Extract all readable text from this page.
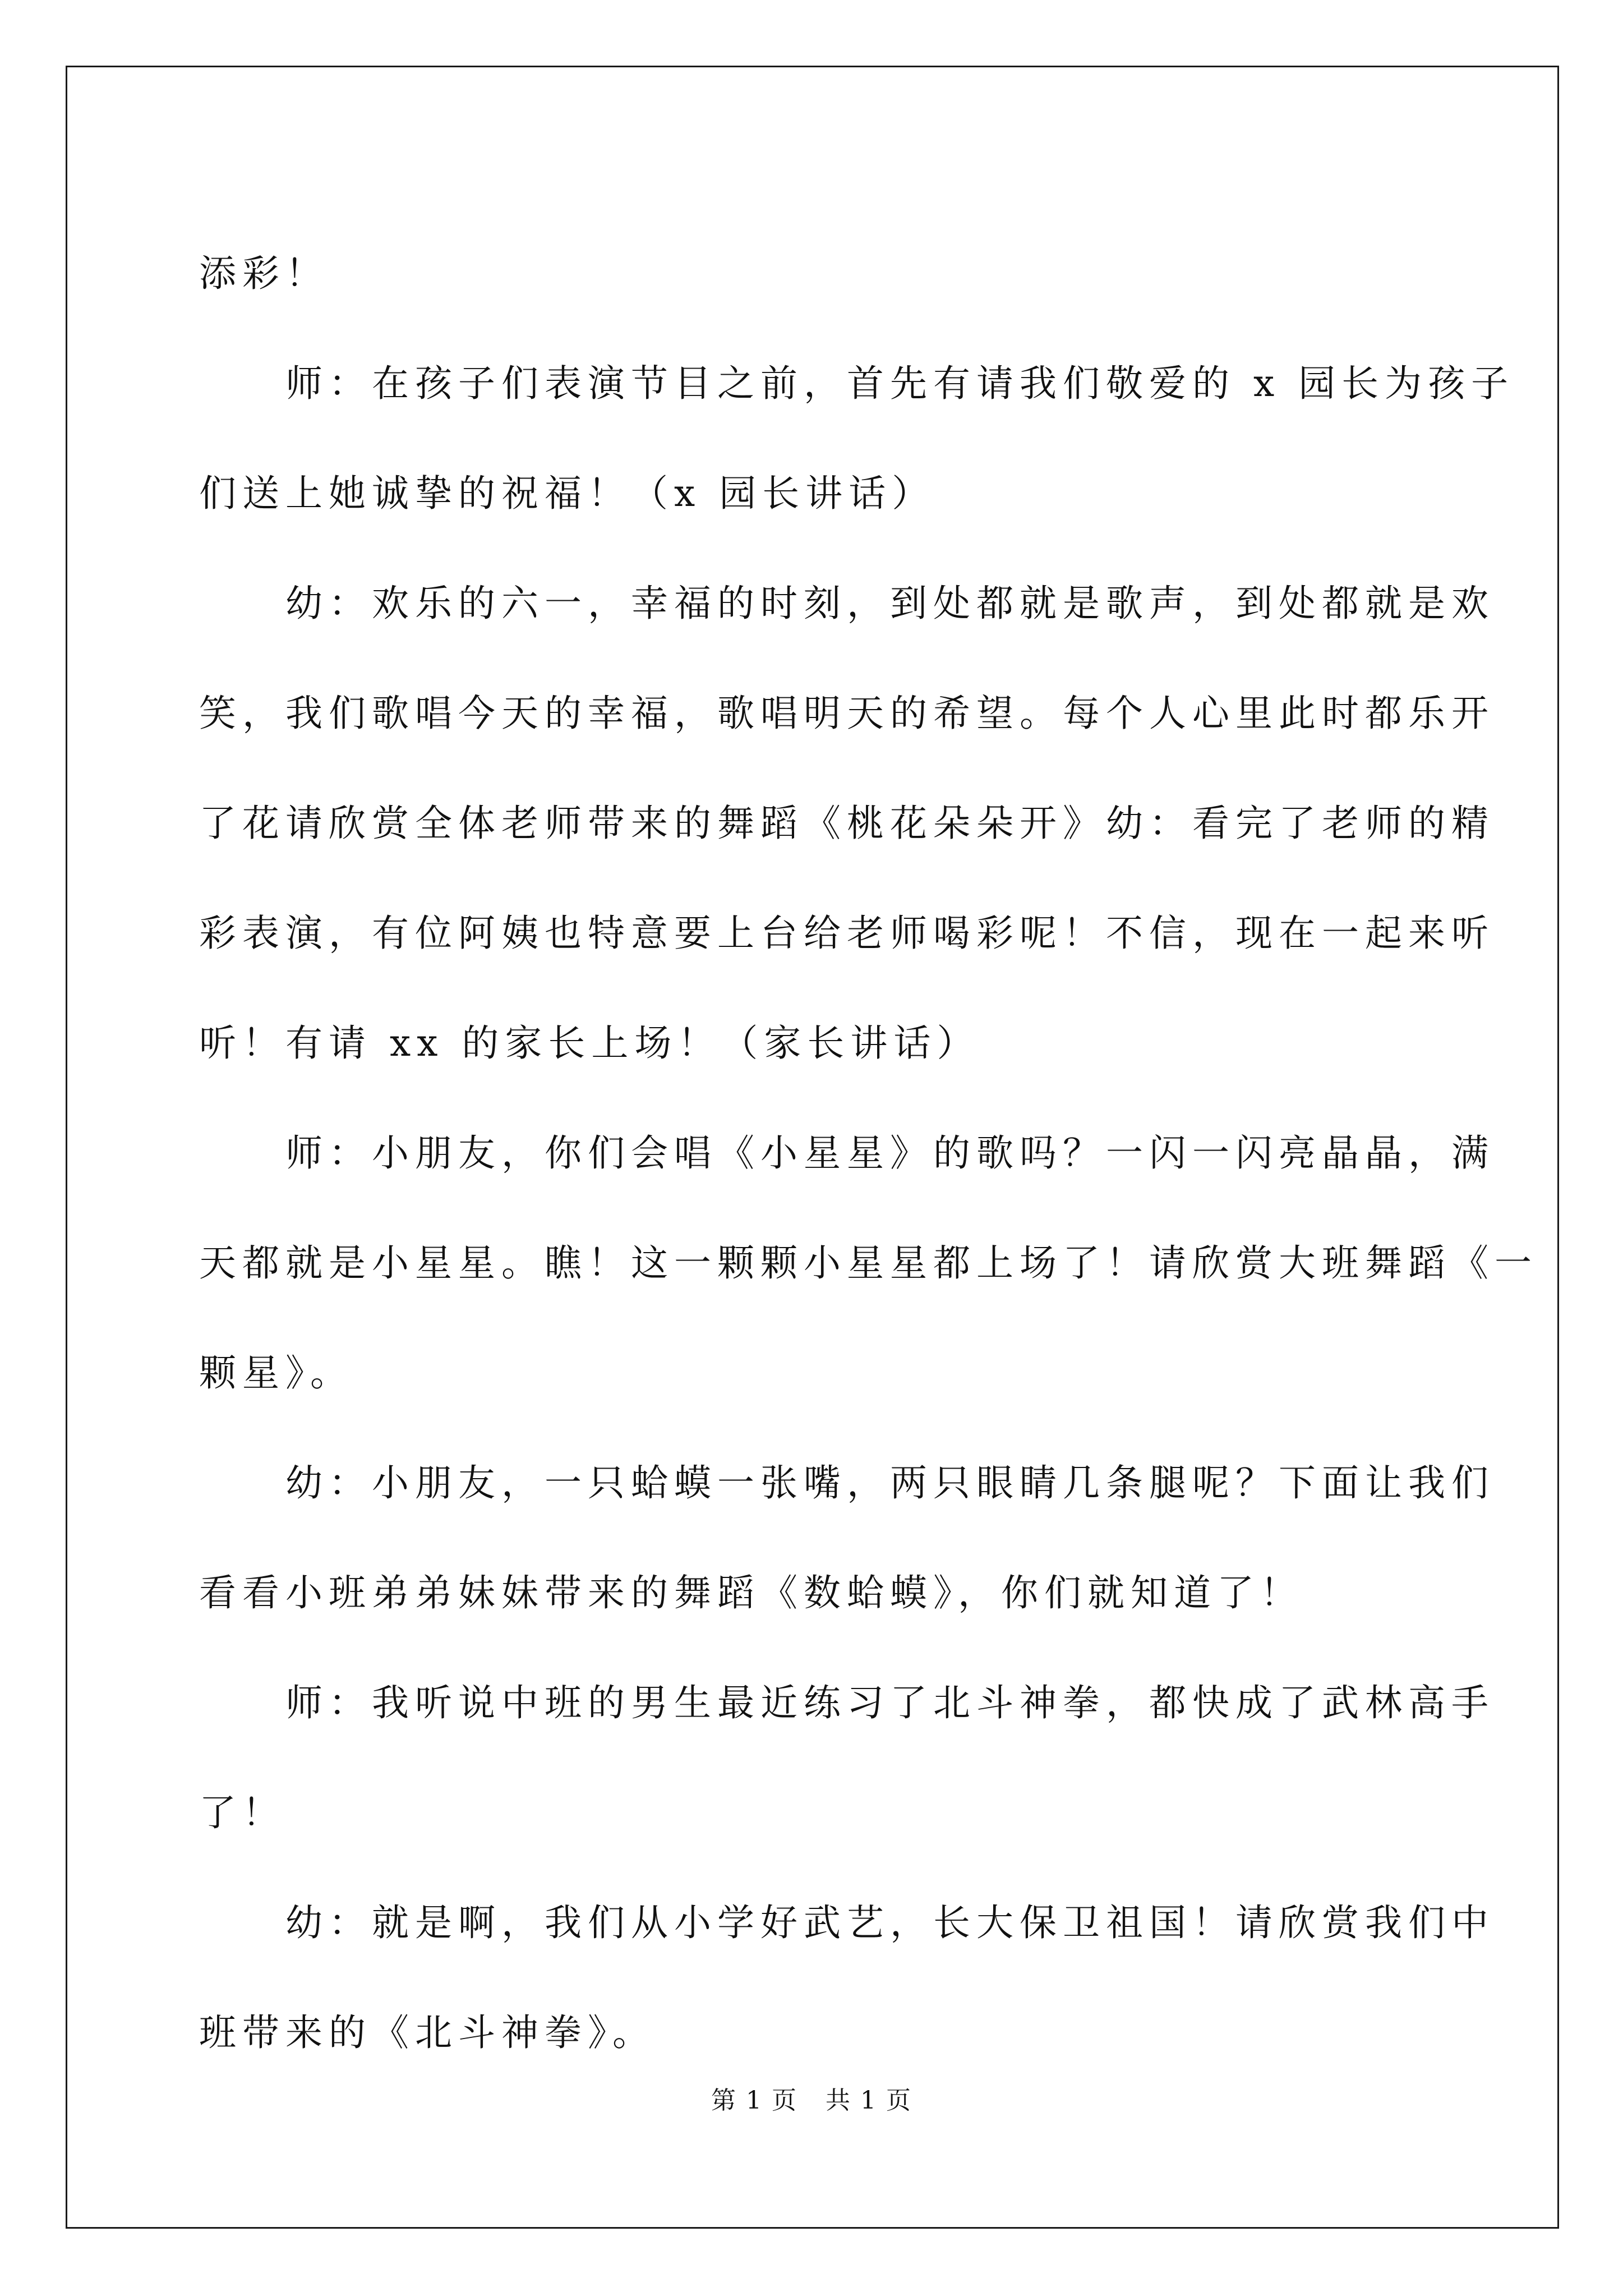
添彩！
　　师：在孩子们表演节目之前，首先有请我们敬爱的 x 园长为孩子
们送上她诚挚的祝福！（x 园长讲话）
　　幼：欢乐的六一，幸福的时刻，到处都就是歌声，到处都就是欢
笑，我们歌唱今天的幸福，歌唱明天的希望。每个人心里此时都乐开
了花请欣赏全体老师带来的舞蹈《桃花朵朵开》幼：看完了老师的精
彩表演，有位阿姨也特意要上台给老师喝彩呢！不信，现在一起来听
听！有请 xx 的家长上场！（家长讲话）
　　师：小朋友，你们会唱《小星星》的歌吗？一闪一闪亮晶晶，满
天都就是小星星。瞧！这一颗颗小星星都上场了！请欣赏大班舞蹈《一
颗星》。
　　幼：小朋友，一只蛤蟆一张嘴，两只眼睛几条腿呢？下面让我们
看看小班弟弟妹妹带来的舞蹈《数蛤蟆》，你们就知道了！
　　师：我听说中班的男生最近练习了北斗神拳，都快成了武林高手
了！
　　幼：就是啊，我们从小学好武艺，长大保卫祖国！请欣赏我们中
班带来的《北斗神拳》。
第 1 页 共 1 页
